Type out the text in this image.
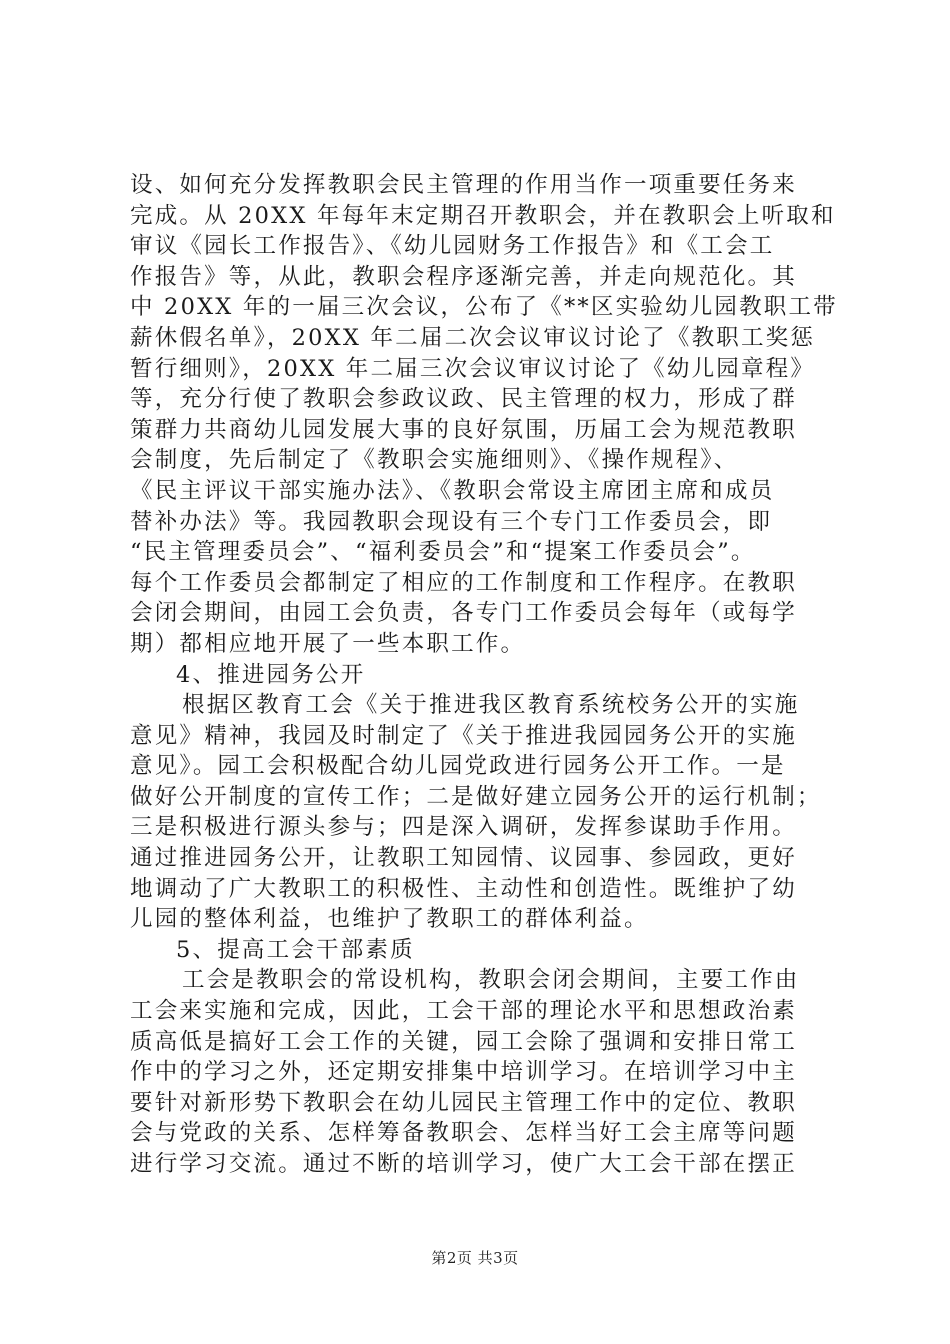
设、如何充分发挥教职会民主管理的作用当作一项重要任务来
完成。从 20XX 年每年末定期召开教职会，并在教职会上听取和
审议《园长工作报告》、《幼儿园财务工作报告》和《工会工
作报告》等，从此，教职会程序逐渐完善，并走向规范化。其
中 20XX 年的一届三次会议，公布了《**区实验幼儿园教职工带
薪休假名单》，20XX 年二届二次会议审议讨论了《教职工奖惩
暂行细则》，20XX 年二届三次会议审议讨论了《幼儿园章程》
等，充分行使了教职会参政议政、民主管理的权力，形成了群
策群力共商幼儿园发展大事的良好氛围，历届工会为规范教职
会制度，先后制定了《教职会实施细则》、《操作规程》、
《民主评议干部实施办法》、《教职会常设主席团主席和成员
替补办法》等。我园教职会现设有三个专门工作委员会，即
“民主管理委员会”、“福利委员会”和“提案工作委员会”。
每个工作委员会都制定了相应的工作制度和工作程序。在教职
会闭会期间，由园工会负责，各专门工作委员会每年（或每学
期）都相应地开展了一些本职工作。
4、推进园务公开
根据区教育工会《关于推进我区教育系统校务公开的实施
意见》精神，我园及时制定了《关于推进我园园务公开的实施
意见》。园工会积极配合幼儿园党政进行园务公开工作。一是
做好公开制度的宣传工作；二是做好建立园务公开的运行机制；
三是积极进行源头参与；四是深入调研，发挥参谋助手作用。
通过推进园务公开，让教职工知园情、议园事、参园政，更好
地调动了广大教职工的积极性、主动性和创造性。既维护了幼
儿园的整体利益，也维护了教职工的群体利益。
5、提高工会干部素质
工会是教职会的常设机构，教职会闭会期间，主要工作由
工会来实施和完成，因此，工会干部的理论水平和思想政治素
质高低是搞好工会工作的关键，园工会除了强调和安排日常工
作中的学习之外，还定期安排集中培训学习。在培训学习中主
要针对新形势下教职会在幼儿园民主管理工作中的定位、教职
会与党政的关系、怎样筹备教职会、怎样当好工会主席等问题
进行学习交流。通过不断的培训学习，使广大工会干部在摆正
第2页 共3页
